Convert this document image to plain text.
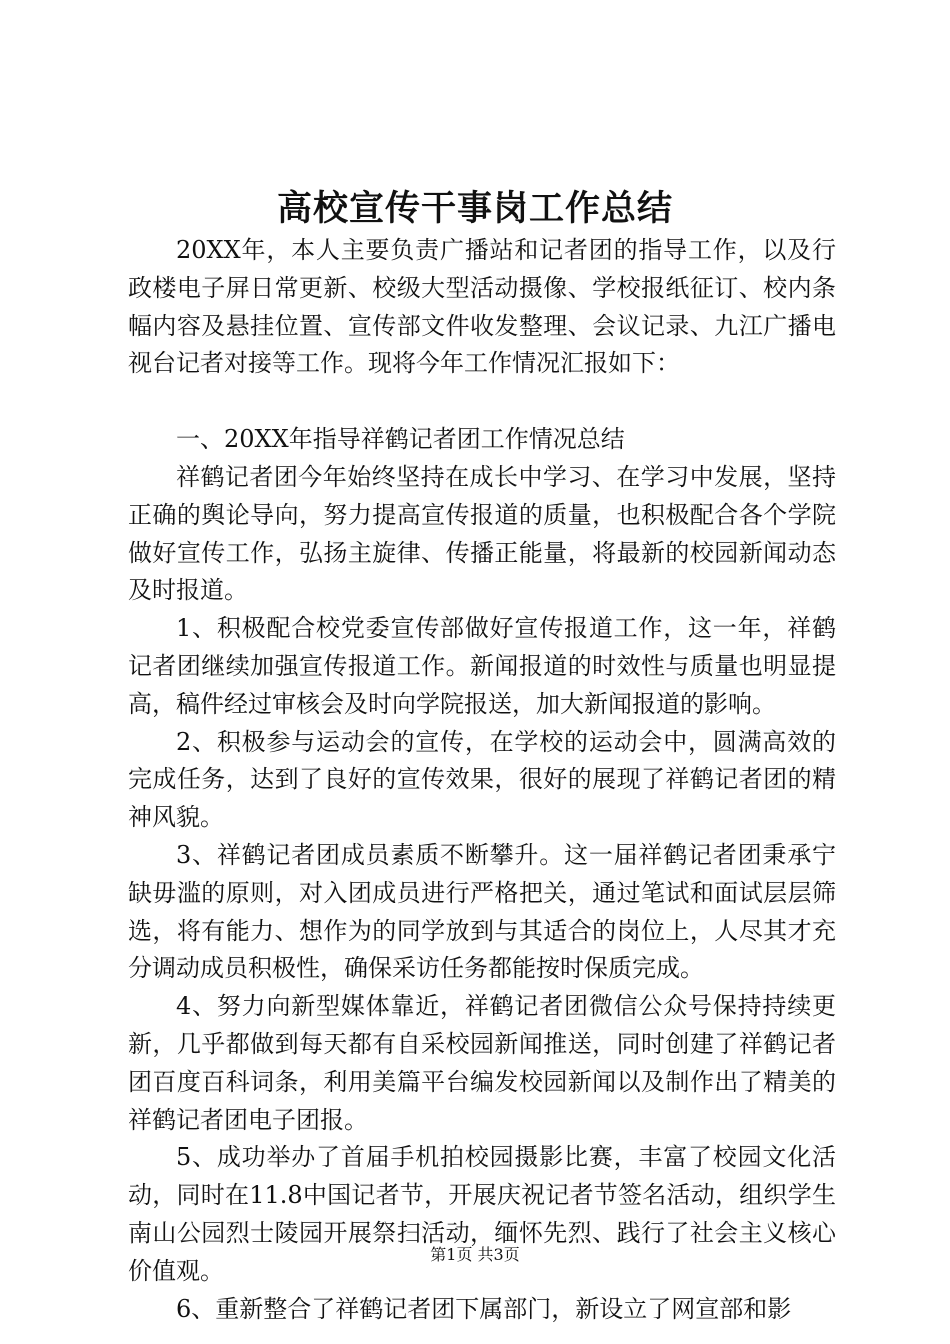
高校宣传干事岗工作总结

20XX年，本人主要负责广播站和记者团的指导工作，以及行政楼电子屏日常更新、校级大型活动摄像、学校报纸征订、校内条幅内容及悬挂位置、宣传部文件收发整理、会议记录、九江广播电视台记者对接等工作。现将今年工作情况汇报如下：

一、20XX年指导祥鹤记者团工作情况总结

祥鹤记者团今年始终坚持在成长中学习、在学习中发展，坚持正确的舆论导向，努力提高宣传报道的质量，也积极配合各个学院做好宣传工作，弘扬主旋律、传播正能量，将最新的校园新闻动态及时报道。

1、积极配合校党委宣传部做好宣传报道工作，这一年，祥鹤记者团继续加强宣传报道工作。新闻报道的时效性与质量也明显提高，稿件经过审核会及时向学院报送，加大新闻报道的影响。

2、积极参与运动会的宣传，在学校的运动会中，圆满高效的完成任务，达到了良好的宣传效果，很好的展现了祥鹤记者团的精神风貌。

3、祥鹤记者团成员素质不断攀升。这一届祥鹤记者团秉承宁缺毋滥的原则，对入团成员进行严格把关，通过笔试和面试层层筛选，将有能力、想作为的同学放到与其适合的岗位上，人尽其才充分调动成员积极性，确保采访任务都能按时保质完成。

4、努力向新型媒体靠近，祥鹤记者团微信公众号保持持续更新，几乎都做到每天都有自采校园新闻推送，同时创建了祥鹤记者团百度百科词条，利用美篇平台编发校园新闻以及制作出了精美的祥鹤记者团电子团报。

5、成功举办了首届手机拍校园摄影比赛，丰富了校园文化活动，同时在11.8中国记者节，开展庆祝记者节签名活动，组织学生南山公园烈士陵园开展祭扫活动，缅怀先烈、践行了社会主义核心价值观。

6、重新整合了祥鹤记者团下属部门，新设立了网宣部和影

第1页 共3页
